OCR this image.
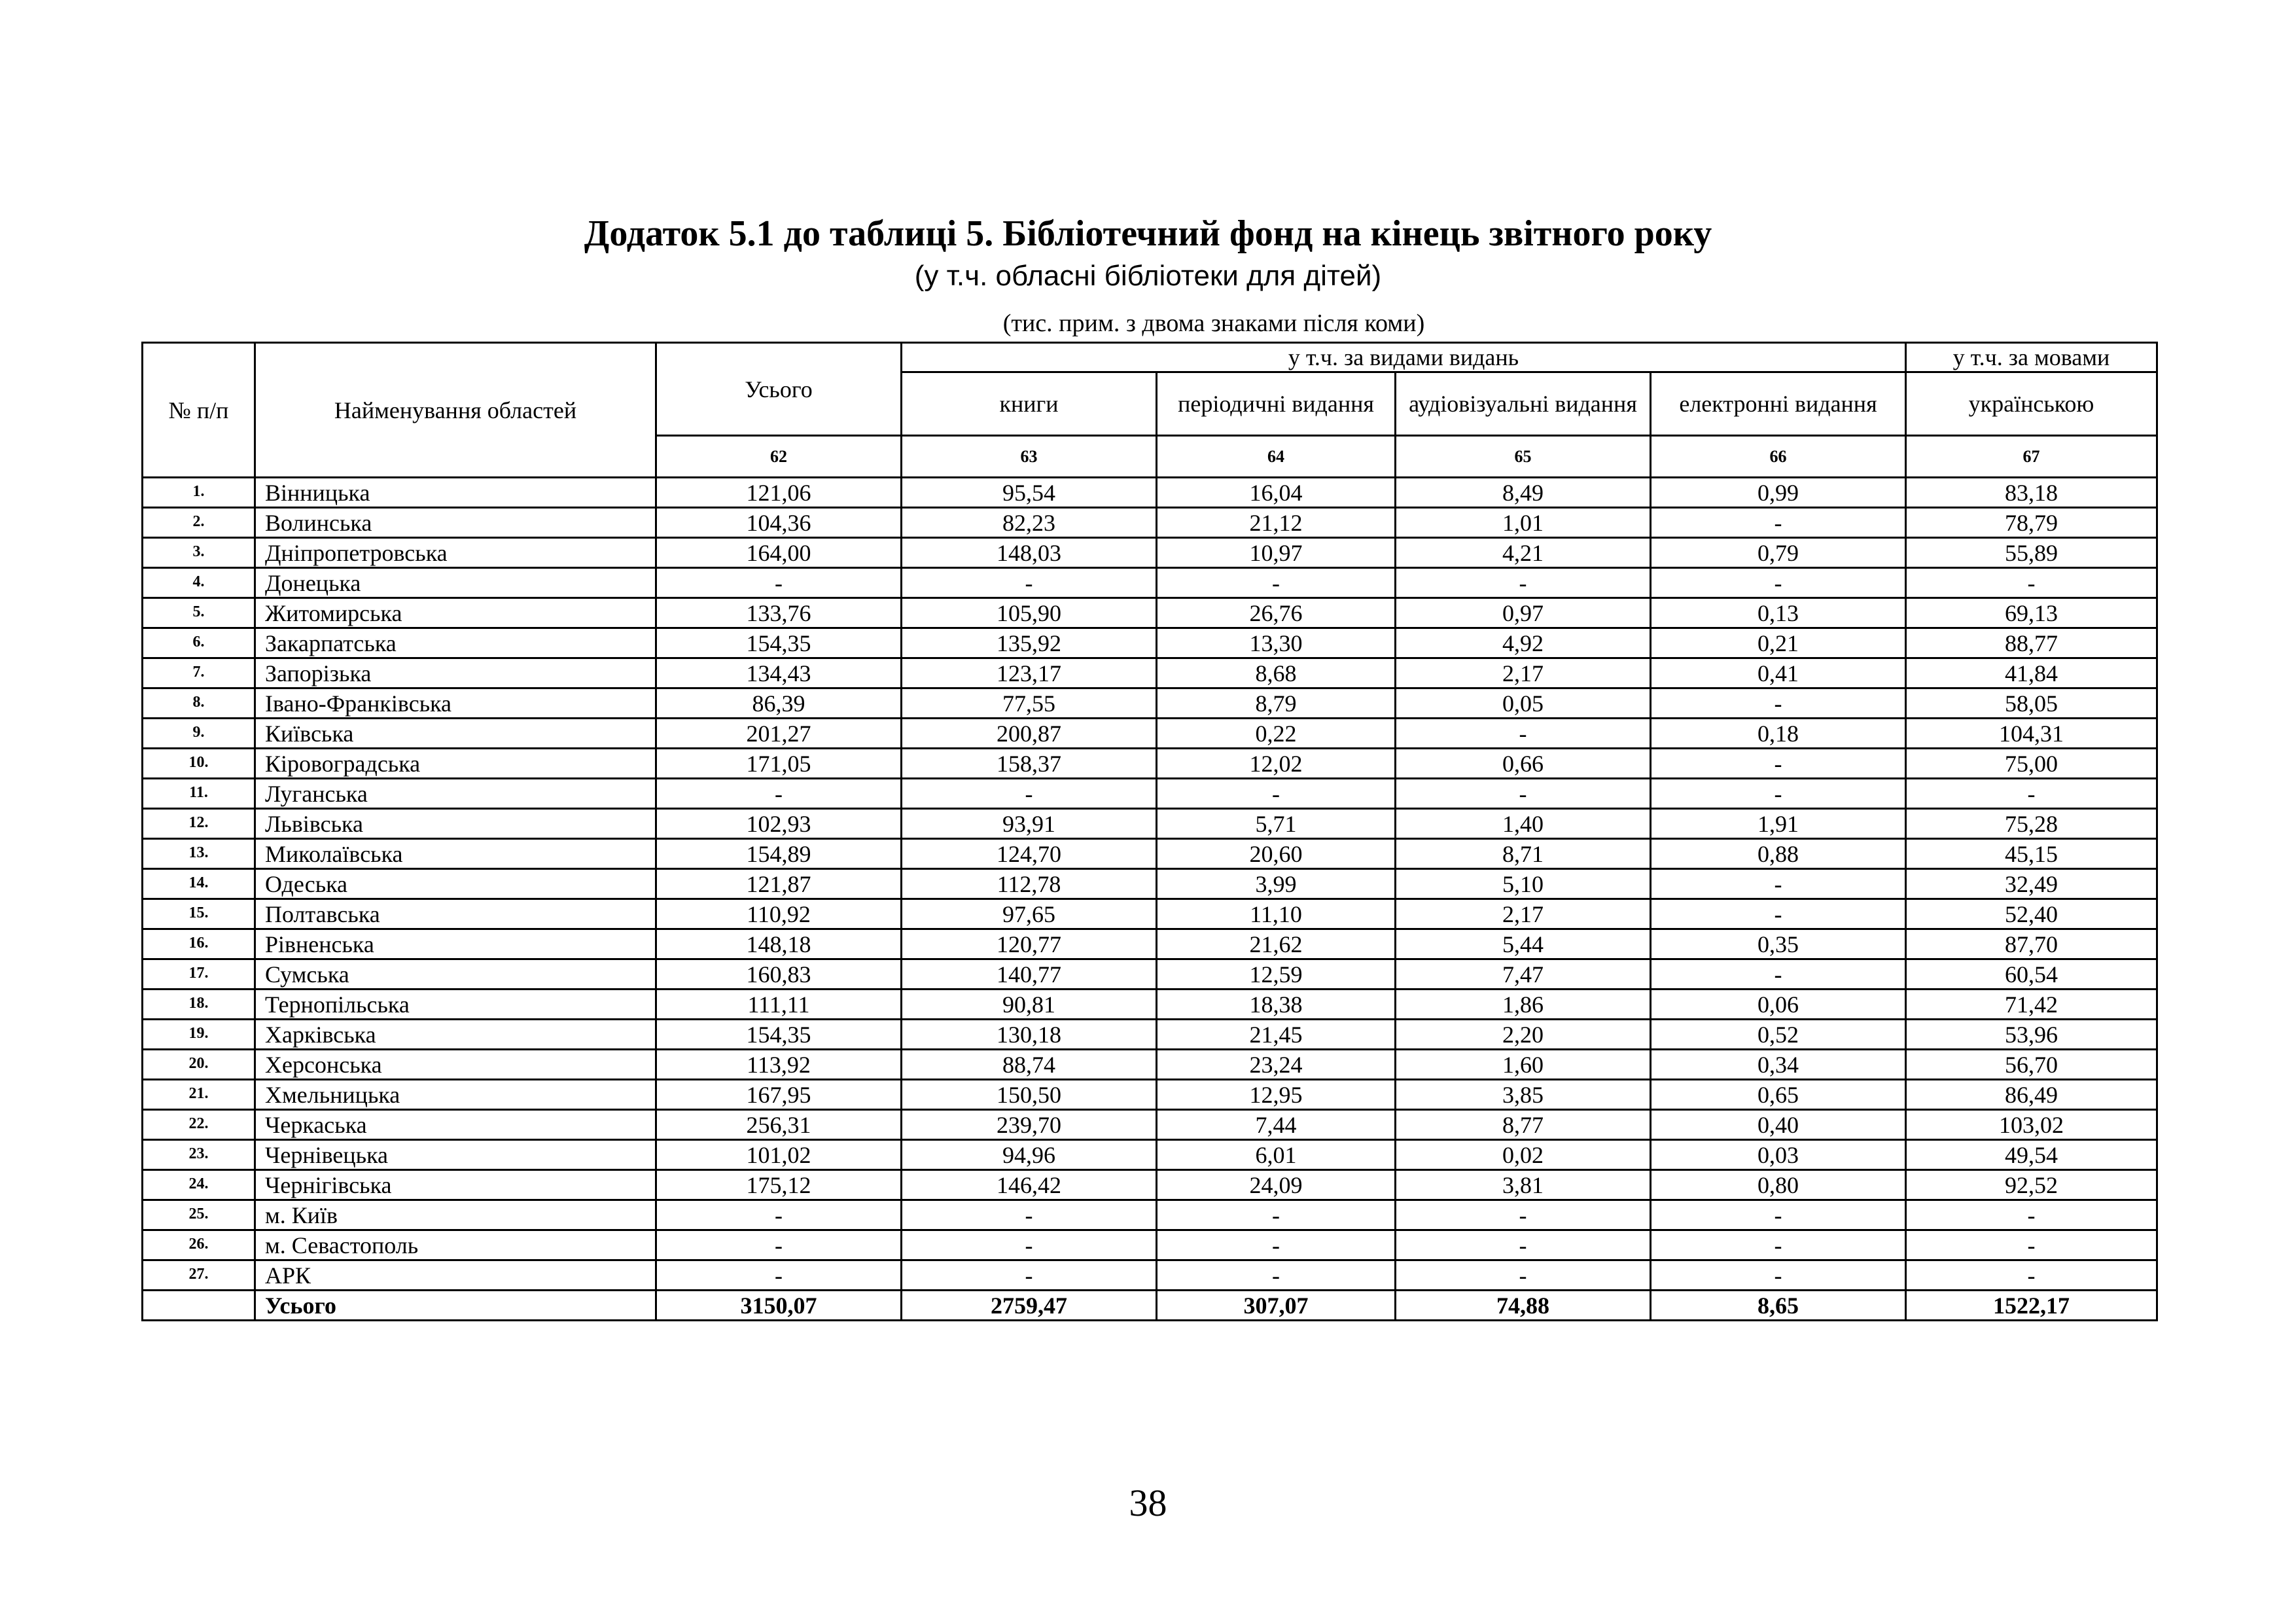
Додаток 5.1 до таблиці 5. Бібліотечний фонд на кінець звітного року
(у т.ч. обласні бібліотеки для дітей)
(тис. прим. з двома знаками після коми)
№ п/п	Найменування областей	Усього	у т.ч. за видами видань				у т.ч. за мовами
			книги	періодичні видання	аудіовізуальні видання	електронні видання	українською
		62	63	64	65	66	67
1.	Вінницька	121,06	95,54	16,04	8,49	0,99	83,18
2.	Волинська	104,36	82,23	21,12	1,01	-	78,79
3.	Дніпропетровська	164,00	148,03	10,97	4,21	0,79	55,89
4.	Донецька	-	-	-	-	-	-
5.	Житомирська	133,76	105,90	26,76	0,97	0,13	69,13
6.	Закарпатська	154,35	135,92	13,30	4,92	0,21	88,77
7.	Запорізька	134,43	123,17	8,68	2,17	0,41	41,84
8.	Івано-Франківська	86,39	77,55	8,79	0,05	-	58,05
9.	Київська	201,27	200,87	0,22	-	0,18	104,31
10.	Кіровоградська	171,05	158,37	12,02	0,66	-	75,00
11.	Луганська	-	-	-	-	-	-
12.	Львівська	102,93	93,91	5,71	1,40	1,91	75,28
13.	Миколаївська	154,89	124,70	20,60	8,71	0,88	45,15
14.	Одеська	121,87	112,78	3,99	5,10	-	32,49
15.	Полтавська	110,92	97,65	11,10	2,17	-	52,40
16.	Рівненська	148,18	120,77	21,62	5,44	0,35	87,70
17.	Сумська	160,83	140,77	12,59	7,47	-	60,54
18.	Тернопільська	111,11	90,81	18,38	1,86	0,06	71,42
19.	Харківська	154,35	130,18	21,45	2,20	0,52	53,96
20.	Херсонська	113,92	88,74	23,24	1,60	0,34	56,70
21.	Хмельницька	167,95	150,50	12,95	3,85	0,65	86,49
22.	Черкаська	256,31	239,70	7,44	8,77	0,40	103,02
23.	Чернівецька	101,02	94,96	6,01	0,02	0,03	49,54
24.	Чернігівська	175,12	146,42	24,09	3,81	0,80	92,52
25.	м. Київ	-	-	-	-	-	-
26.	м. Севастополь	-	-	-	-	-	-
27.	АРК	-	-	-	-	-	-
	Усього	3150,07	2759,47	307,07	74,88	8,65	1522,17
38
